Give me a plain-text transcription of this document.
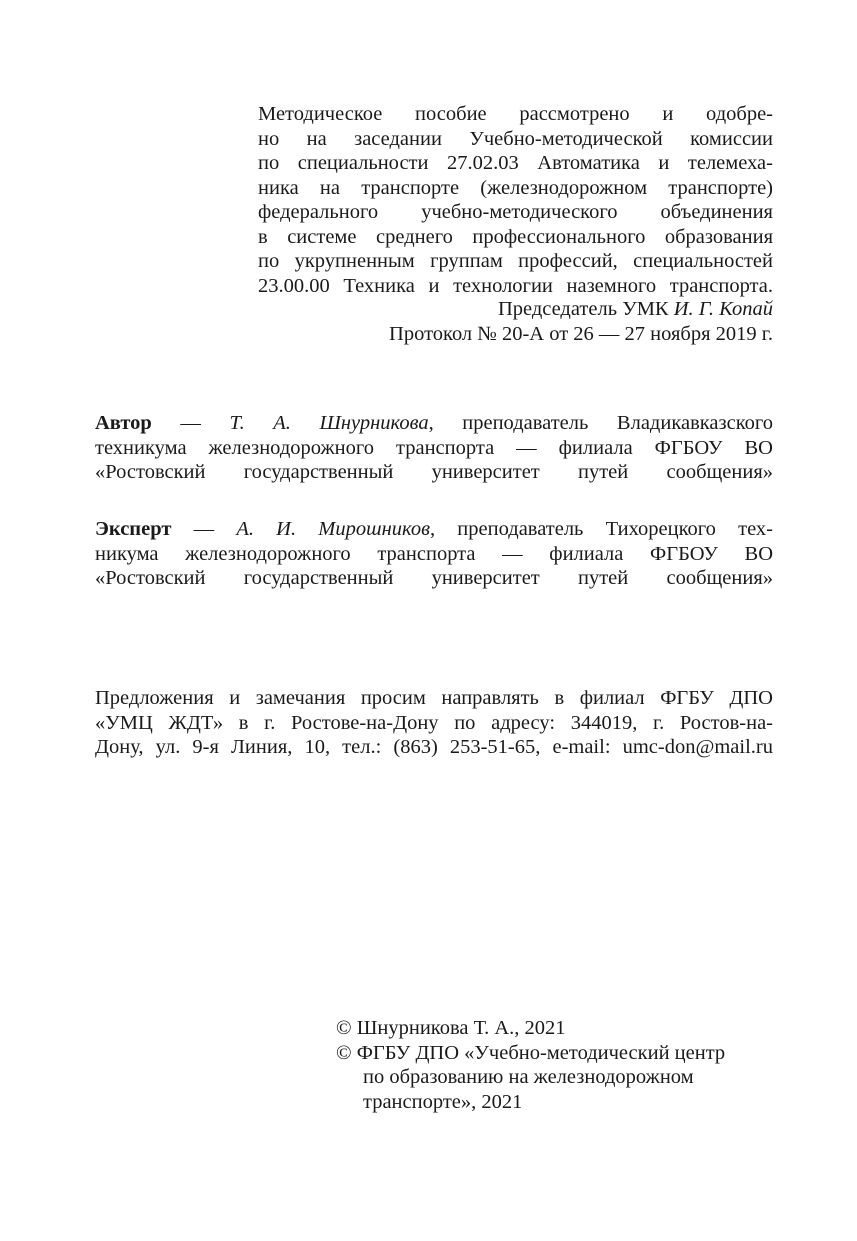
Методическое пособие рассмотрено и одобре-
но на заседании Учебно-методической комиссии
по специальности 27.02.03 Автоматика и телемеха-
ника на транспорте (железнодорожном транспорте)
федерального учебно-методического объединения
в системе среднего профессионального образования
по укрупненным группам профессий, специальностей
23.00.00 Техника и технологии наземного транспорта.
Председатель УМК И. Г. Копай
Протокол № 20-А от 26 — 27 ноября 2019 г.
Автор — Т. А. Шнурникова, преподаватель Владикавказского
техникума железнодорожного транспорта — филиала ФГБОУ ВО
«Ростовский государственный университет путей сообщения»
Эксперт — А. И. Мирошников, преподаватель Тихорецкого тех-
никума железнодорожного транспорта — филиала ФГБОУ ВО
«Ростовский государственный университет путей сообщения»
Предложения и замечания просим направлять в филиал ФГБУ ДПО
«УМЦ ЖДТ» в г. Ростове-на-Дону по адресу: 344019, г. Ростов-на-
Дону, ул. 9-я Линия, 10, тел.: (863) 253-51-65, e-mail: umc-don@mail.ru
© Шнурникова Т. А., 2021
© ФГБУ ДПО «Учебно-методический центр
по образованию на железнодорожном
транспорте», 2021
